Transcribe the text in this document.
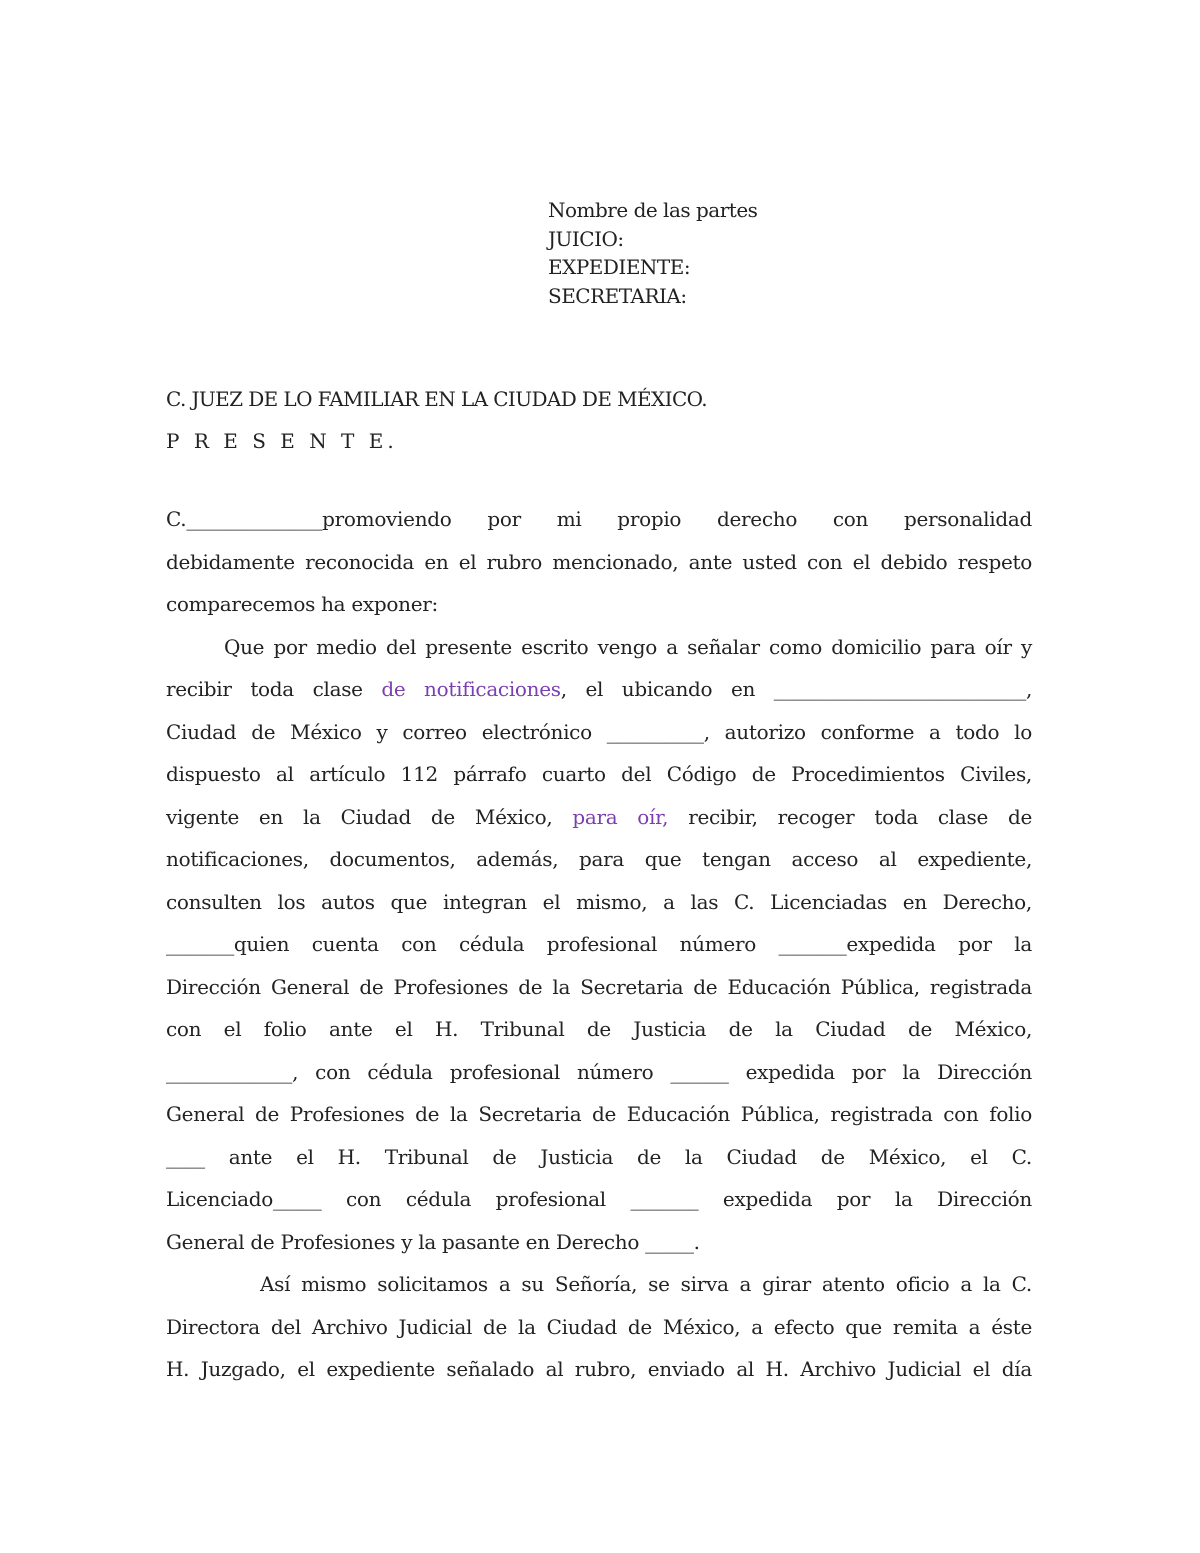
Nombre de las partes
JUICIO:
EXPEDIENTE:
SECRETARIA:
C. JUEZ DE LO FAMILIAR EN LA CIUDAD DE MÉXICO.
P R E S E N T E.
C.______________promoviendo por mi propio derecho con personalidad
debidamente reconocida en el rubro mencionado, ante usted con el debido respeto
comparecemos ha exponer:
Que por medio del presente escrito vengo a señalar como domicilio para oír y
recibir toda clase de notificaciones, el ubicando en __________________________,
Ciudad de México y correo electrónico __________, autorizo conforme a todo lo
dispuesto al artículo 112 párrafo cuarto del Código de Procedimientos Civiles,
vigente en la Ciudad de México, para oír, recibir, recoger toda clase de
notificaciones, documentos, además, para que tengan acceso al expediente,
consulten los autos que integran el mismo, a las C. Licenciadas en Derecho,
_______quien cuenta con cédula profesional número _______expedida por la
Dirección General de Profesiones de la Secretaria de Educación Pública, registrada
con el folio ante el H. Tribunal de Justicia de la Ciudad de México,
_____________, con cédula profesional número ______ expedida por la Dirección
General de Profesiones de la Secretaria de Educación Pública, registrada con folio
____ ante el H. Tribunal de Justicia de la Ciudad de México, el C.
Licenciado_____ con cédula profesional _______ expedida por la Dirección
General de Profesiones y la pasante en Derecho _____.
Así mismo solicitamos a su Señoría, se sirva a girar atento oficio a la C.
Directora del Archivo Judicial de la Ciudad de México, a efecto que remita a éste
H. Juzgado, el expediente señalado al rubro, enviado al H. Archivo Judicial el día
